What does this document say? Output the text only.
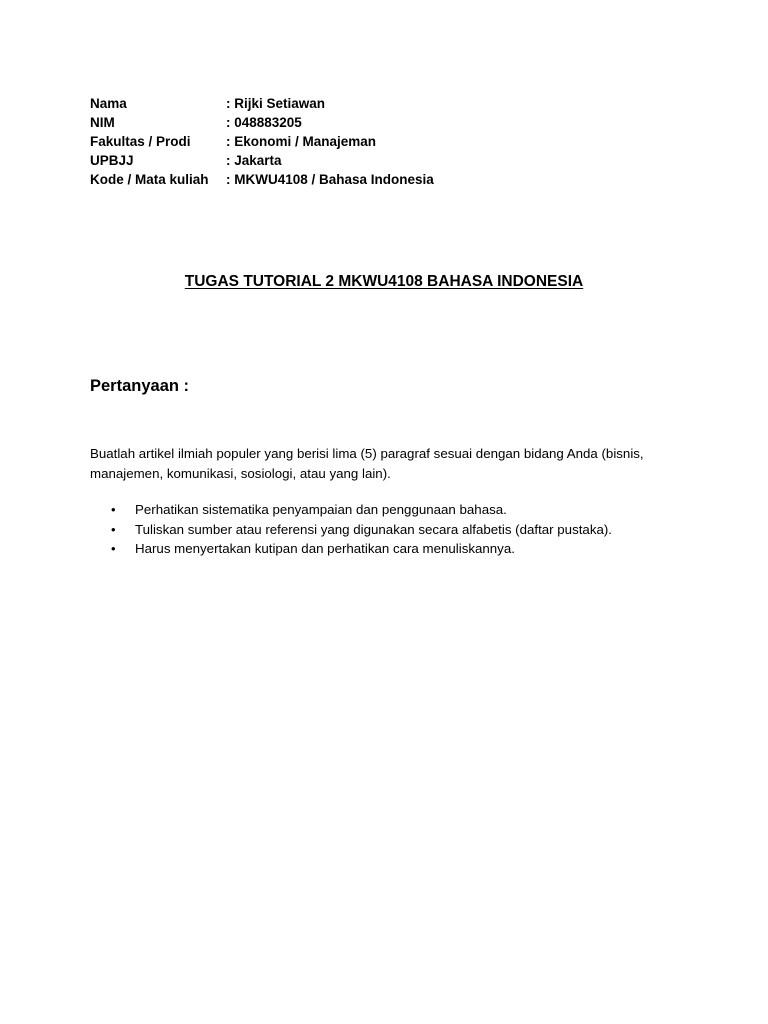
Nama	: Rijki Setiawan
NIM	: 048883205
Fakultas / Prodi	: Ekonomi / Manajeman
UPBJJ	: Jakarta
Kode / Mata kuliah	: MKWU4108 / Bahasa Indonesia
TUGAS TUTORIAL 2 MKWU4108 BAHASA INDONESIA
Pertanyaan :
Buatlah artikel ilmiah populer yang berisi lima (5) paragraf sesuai dengan bidang Anda (bisnis, manajemen, komunikasi, sosiologi, atau yang lain).
• Perhatikan sistematika penyampaian dan penggunaan bahasa.
• Tuliskan sumber atau referensi yang digunakan secara alfabetis (daftar pustaka).
• Harus menyertakan kutipan dan perhatikan cara menuliskannya.
